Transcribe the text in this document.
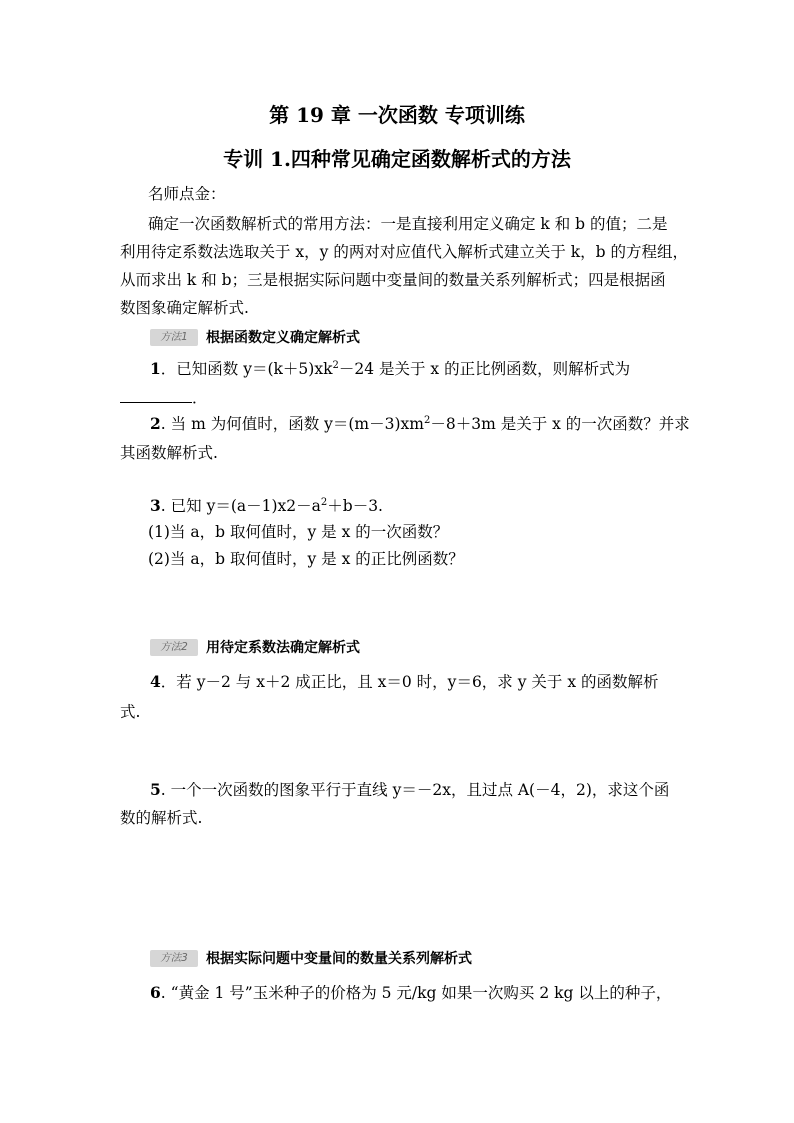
第 19 章 一次函数 专项训练
专训 1.四种常见确定函数解析式的方法
名师点金：
确定一次函数解析式的常用方法：一是直接利用定义确定 k 和 b 的值；二是
利用待定系数法选取关于 x，y 的两对对应值代入解析式建立关于 k，b 的方程组，
从而求出 k 和 b；三是根据实际问题中变量间的数量关系列解析式；四是根据函
数图象确定解析式.
方法1 根据函数定义确定解析式
1．已知函数 $y=(k+5)xk^2-24$ 是关于 x 的正比例函数，则解析式为
．
2. 当 m 为何值时，函数 $y=(m-3)xm^2-8+3m$ 是关于 x 的一次函数？并求
其函数解析式.
3. 已知 $y=(a-1)x2-a^2+b-3$.
(1)当 a，b 取何值时，y 是 x 的一次函数？
(2)当 a，b 取何值时，y 是 x 的正比例函数？
方法2 用待定系数法确定解析式
4．若 y－2 与 x＋2 成正比，且 x＝0 时，y＝6，求 y 关于 x 的函数解析
式.
5. 一个一次函数的图象平行于直线 y＝－2x，且过点 A(－4，2)，求这个函
数的解析式.
方法3 根据实际问题中变量间的数量关系列解析式
6. “黄金 1 号”玉米种子的价格为 5 元/kg 如果一次购买 2 kg 以上的种子，
